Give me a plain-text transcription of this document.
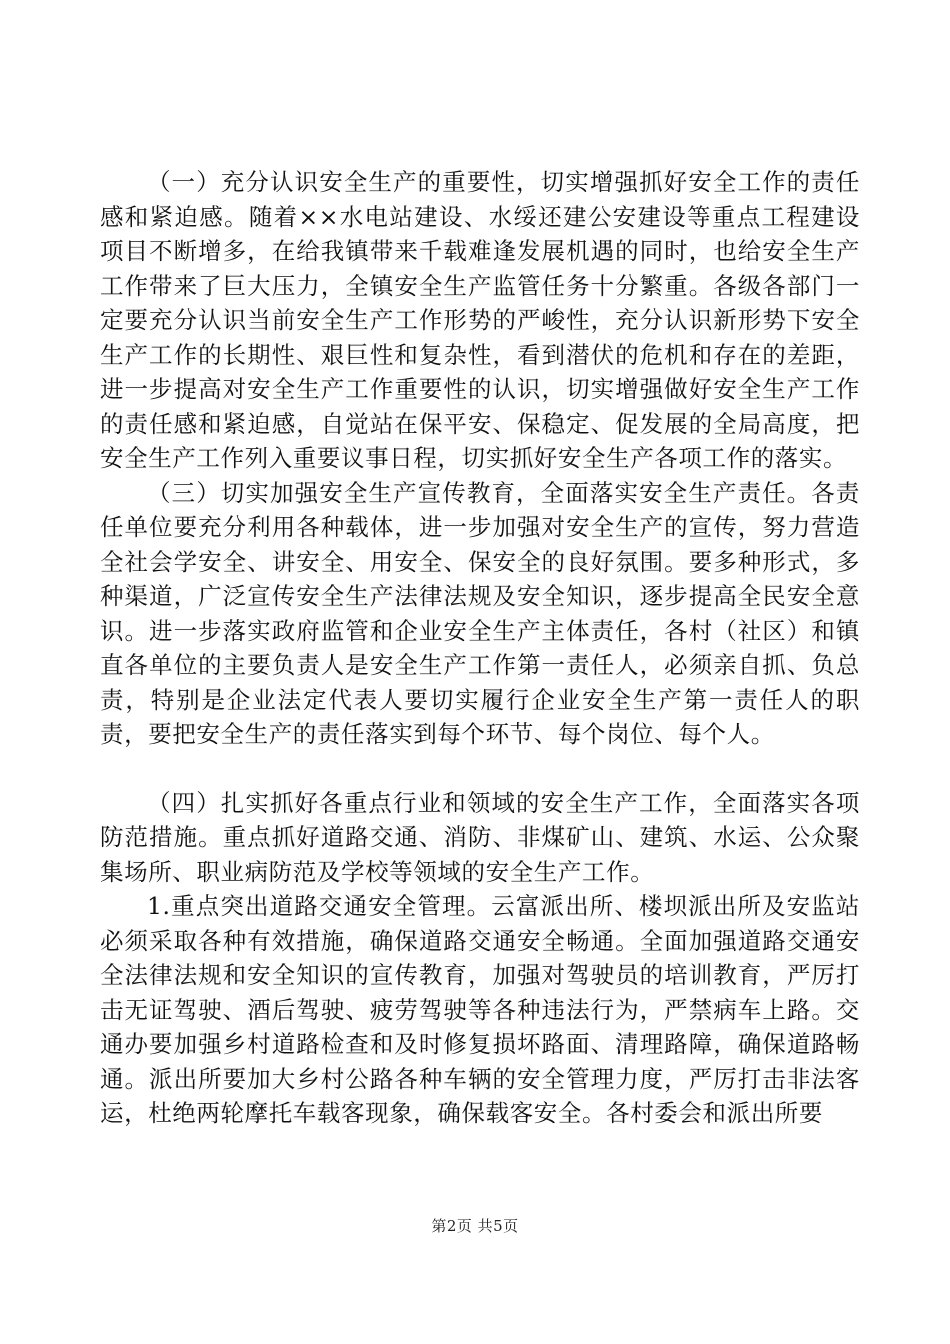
（一）充分认识安全生产的重要性，切实增强抓好安全工作的责任感和紧迫感。随着××水电站建设、水绥还建公安建设等重点工程建设项目不断增多，在给我镇带来千载难逢发展机遇的同时，也给安全生产工作带来了巨大压力，全镇安全生产监管任务十分繁重。各级各部门一定要充分认识当前安全生产工作形势的严峻性，充分认识新形势下安全生产工作的长期性、艰巨性和复杂性，看到潜伏的危机和存在的差距，进一步提高对安全生产工作重要性的认识，切实增强做好安全生产工作的责任感和紧迫感，自觉站在保平安、保稳定、促发展的全局高度，把安全生产工作列入重要议事日程，切实抓好安全生产各项工作的落实。

（三）切实加强安全生产宣传教育，全面落实安全生产责任。各责任单位要充分利用各种载体，进一步加强对安全生产的宣传，努力营造全社会学安全、讲安全、用安全、保安全的良好氛围。要多种形式，多种渠道，广泛宣传安全生产法律法规及安全知识，逐步提高全民安全意识。进一步落实政府监管和企业安全生产主体责任，各村（社区）和镇直各单位的主要负责人是安全生产工作第一责任人，必须亲自抓、负总责，特别是企业法定代表人要切实履行企业安全生产第一责任人的职责，要把安全生产的责任落实到每个环节、每个岗位、每个人。

（四）扎实抓好各重点行业和领域的安全生产工作，全面落实各项防范措施。重点抓好道路交通、消防、非煤矿山、建筑、水运、公众聚集场所、职业病防范及学校等领域的安全生产工作。

1.重点突出道路交通安全管理。云富派出所、楼坝派出所及安监站必须采取各种有效措施，确保道路交通安全畅通。全面加强道路交通安全法律法规和安全知识的宣传教育，加强对驾驶员的培训教育，严厉打击无证驾驶、酒后驾驶、疲劳驾驶等各种违法行为，严禁病车上路。交通办要加强乡村道路检查和及时修复损坏路面、清理路障，确保道路畅通。派出所要加大乡村公路各种车辆的安全管理力度，严厉打击非法客运，杜绝两轮摩托车载客现象，确保载客安全。各村委会和派出所要

第2页 共5页
